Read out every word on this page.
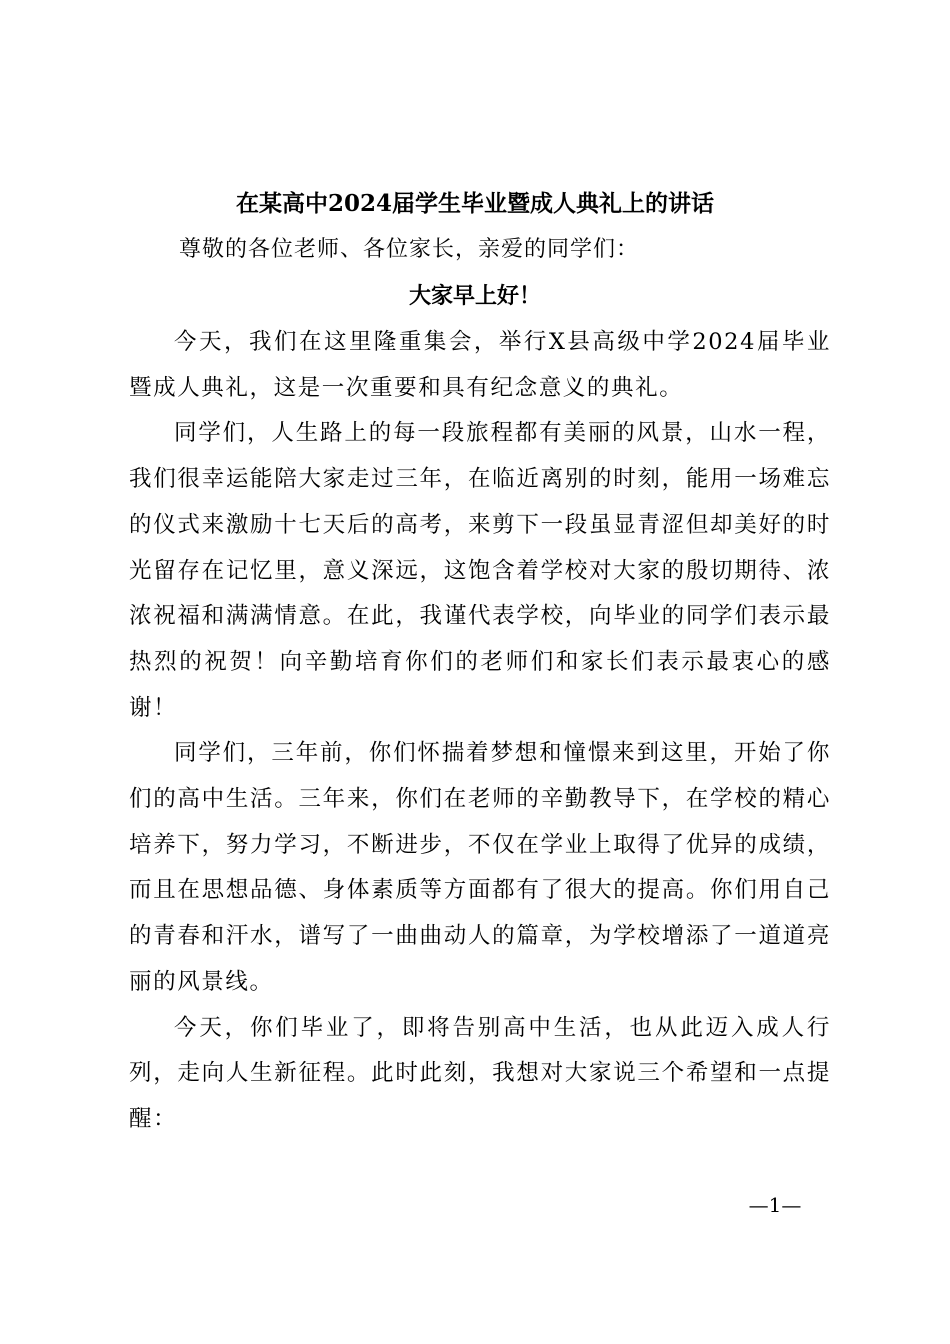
在某高中2024届学生毕业暨成人典礼上的讲话
尊敬的各位老师、各位家长，亲爱的同学们：
大家早上好！

今天，我们在这里隆重集会，举行X县高级中学2024届毕业暨成人典礼，这是一次重要和具有纪念意义的典礼。

同学们，人生路上的每一段旅程都有美丽的风景，山水一程，我们很幸运能陪大家走过三年，在临近离别的时刻，能用一场难忘的仪式来激励十七天后的高考，来剪下一段虽显青涩但却美好的时光留存在记忆里，意义深远，这饱含着学校对大家的殷切期待、浓浓祝福和满满情意。在此，我谨代表学校，向毕业的同学们表示最热烈的祝贺！向辛勤培育你们的老师们和家长们表示最衷心的感谢！

同学们，三年前，你们怀揣着梦想和憧憬来到这里，开始了你们的高中生活。三年来，你们在老师的辛勤教导下，在学校的精心培养下，努力学习，不断进步，不仅在学业上取得了优异的成绩，而且在思想品德、身体素质等方面都有了很大的提高。你们用自己的青春和汗水，谱写了一曲曲动人的篇章，为学校增添了一道道亮丽的风景线。

今天，你们毕业了，即将告别高中生活，也从此迈入成人行列，走向人生新征程。此时此刻，我想对大家说三个希望和一点提醒：

—1—
